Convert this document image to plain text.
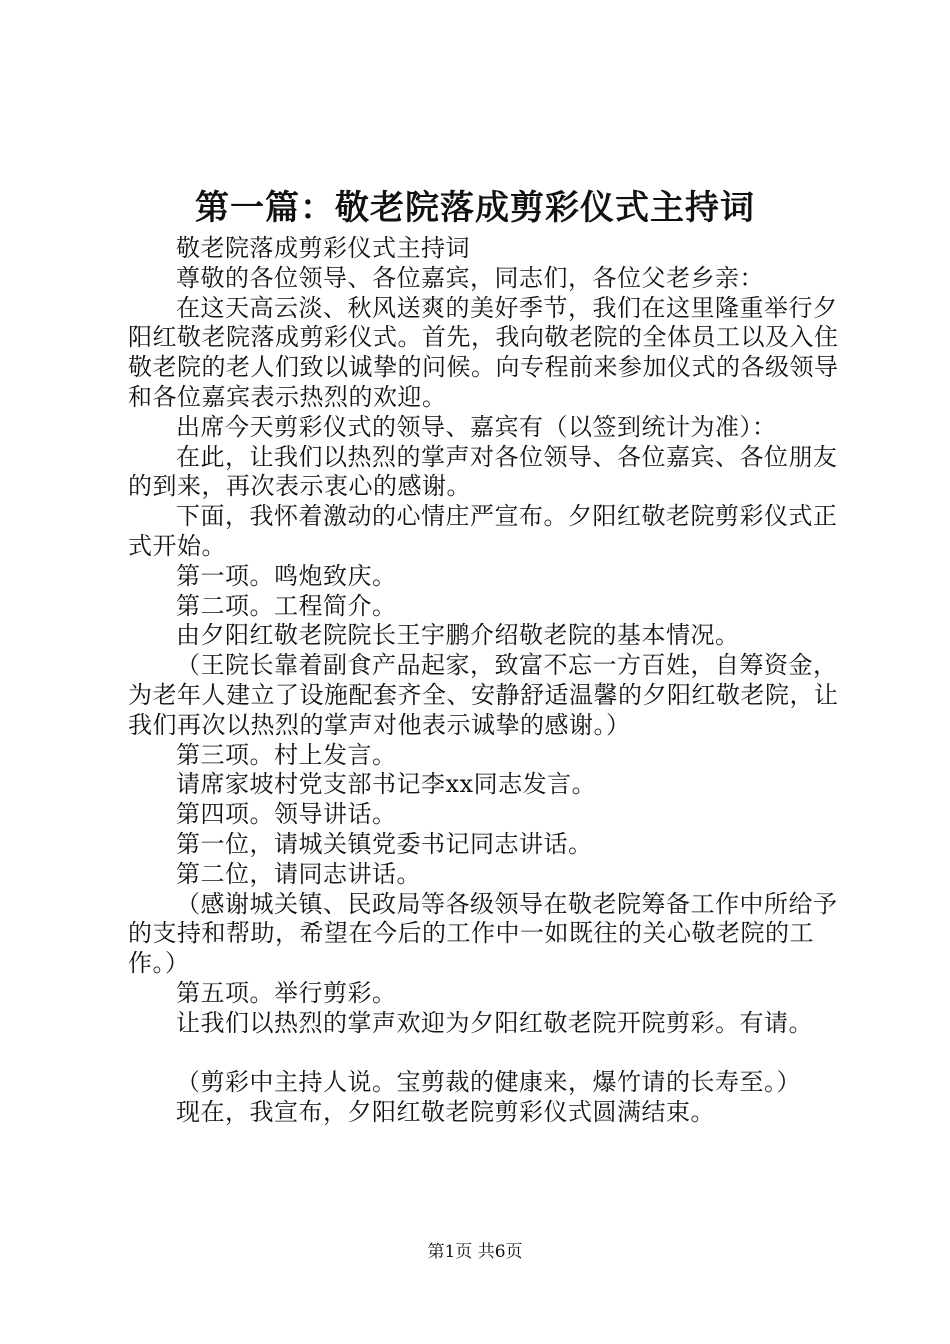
第一篇：敬老院落成剪彩仪式主持词

敬老院落成剪彩仪式主持词

尊敬的各位领导、各位嘉宾，同志们，各位父老乡亲：

在这天高云淡、秋风送爽的美好季节，我们在这里隆重举行夕阳红敬老院落成剪彩仪式。首先，我向敬老院的全体员工以及入住敬老院的老人们致以诚挚的问候。向专程前来参加仪式的各级领导和各位嘉宾表示热烈的欢迎。

出席今天剪彩仪式的领导、嘉宾有（以签到统计为准）：

在此，让我们以热烈的掌声对各位领导、各位嘉宾、各位朋友的到来，再次表示衷心的感谢。

下面，我怀着激动的心情庄严宣布。夕阳红敬老院剪彩仪式正式开始。

第一项。鸣炮致庆。

第二项。工程简介。

由夕阳红敬老院院长王宇鹏介绍敬老院的基本情况。

（王院长靠着副食产品起家，致富不忘一方百姓，自筹资金，为老年人建立了设施配套齐全、安静舒适温馨的夕阳红敬老院，让我们再次以热烈的掌声对他表示诚挚的感谢。）

第三项。村上发言。

请席家坡村党支部书记李xx同志发言。

第四项。领导讲话。

第一位，请城关镇党委书记同志讲话。

第二位，请同志讲话。

（感谢城关镇、民政局等各级领导在敬老院筹备工作中所给予的支持和帮助，希望在今后的工作中一如既往的关心敬老院的工作。）

第五项。举行剪彩。

让我们以热烈的掌声欢迎为夕阳红敬老院开院剪彩。有请。

（剪彩中主持人说。宝剪裁的健康来，爆竹请的长寿至。）

现在，我宣布，夕阳红敬老院剪彩仪式圆满结束。

第1页 共6页
